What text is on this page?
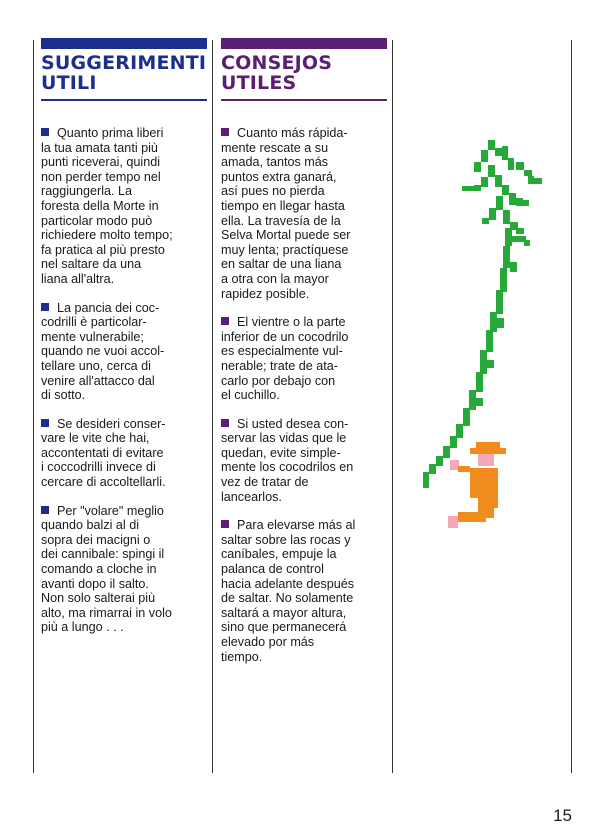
SUGGERIMENTI
UTILI
Quanto prima liberi
la tua amata tanti più
punti riceverai, quindi
non perder tempo nel
raggiungerla. La
foresta della Morte in
particolar modo può
richiedere molto tempo;
fa pratica al più presto
nel saltare da una
liana all'altra.
La pancia dei coc-
codrilli è particolar-
mente vulnerabile;
quando ne vuoi accol-
tellare uno, cerca di
venire all'attacco dal
di sotto.
Se desideri conser-
vare le vite che hai,
accontentati di evitare
i coccodrilli invece di
cercare di accoltellarli.
Per "volare" meglio
quando balzi al di
sopra dei macigni o
dei cannibale: spingi il
comando a cloche in
avanti dopo il salto.
Non solo salterai più
alto, ma rimarrai in volo
più a lungo . . .
CONSEJOS
UTILES
Cuanto más rápida-
mente rescate a su
amada, tantos más
puntos extra ganará,
así pues no pierda
tiempo en llegar hasta
ella. La travesía de la
Selva Mortal puede ser
muy lenta; practíquese
en saltar de una liana
a otra con la mayor
rapidez posible.
El vientre o la parte
inferior de un cocodrilo
es especialmente vul-
nerable; trate de ata-
carlo por debajo con
el cuchillo.
Si usted desea con-
servar las vidas que le
quedan, evite simple-
mente los cocodrilos en
vez de tratar de
lancearlos.
Para elevarse más al
saltar sobre las rocas y
caníbales, empuje la
palanca de control
hacia adelante después
de saltar. No solamente
saltará a mayor altura,
sino que permanecerá
elevado por más
tiempo.
15
